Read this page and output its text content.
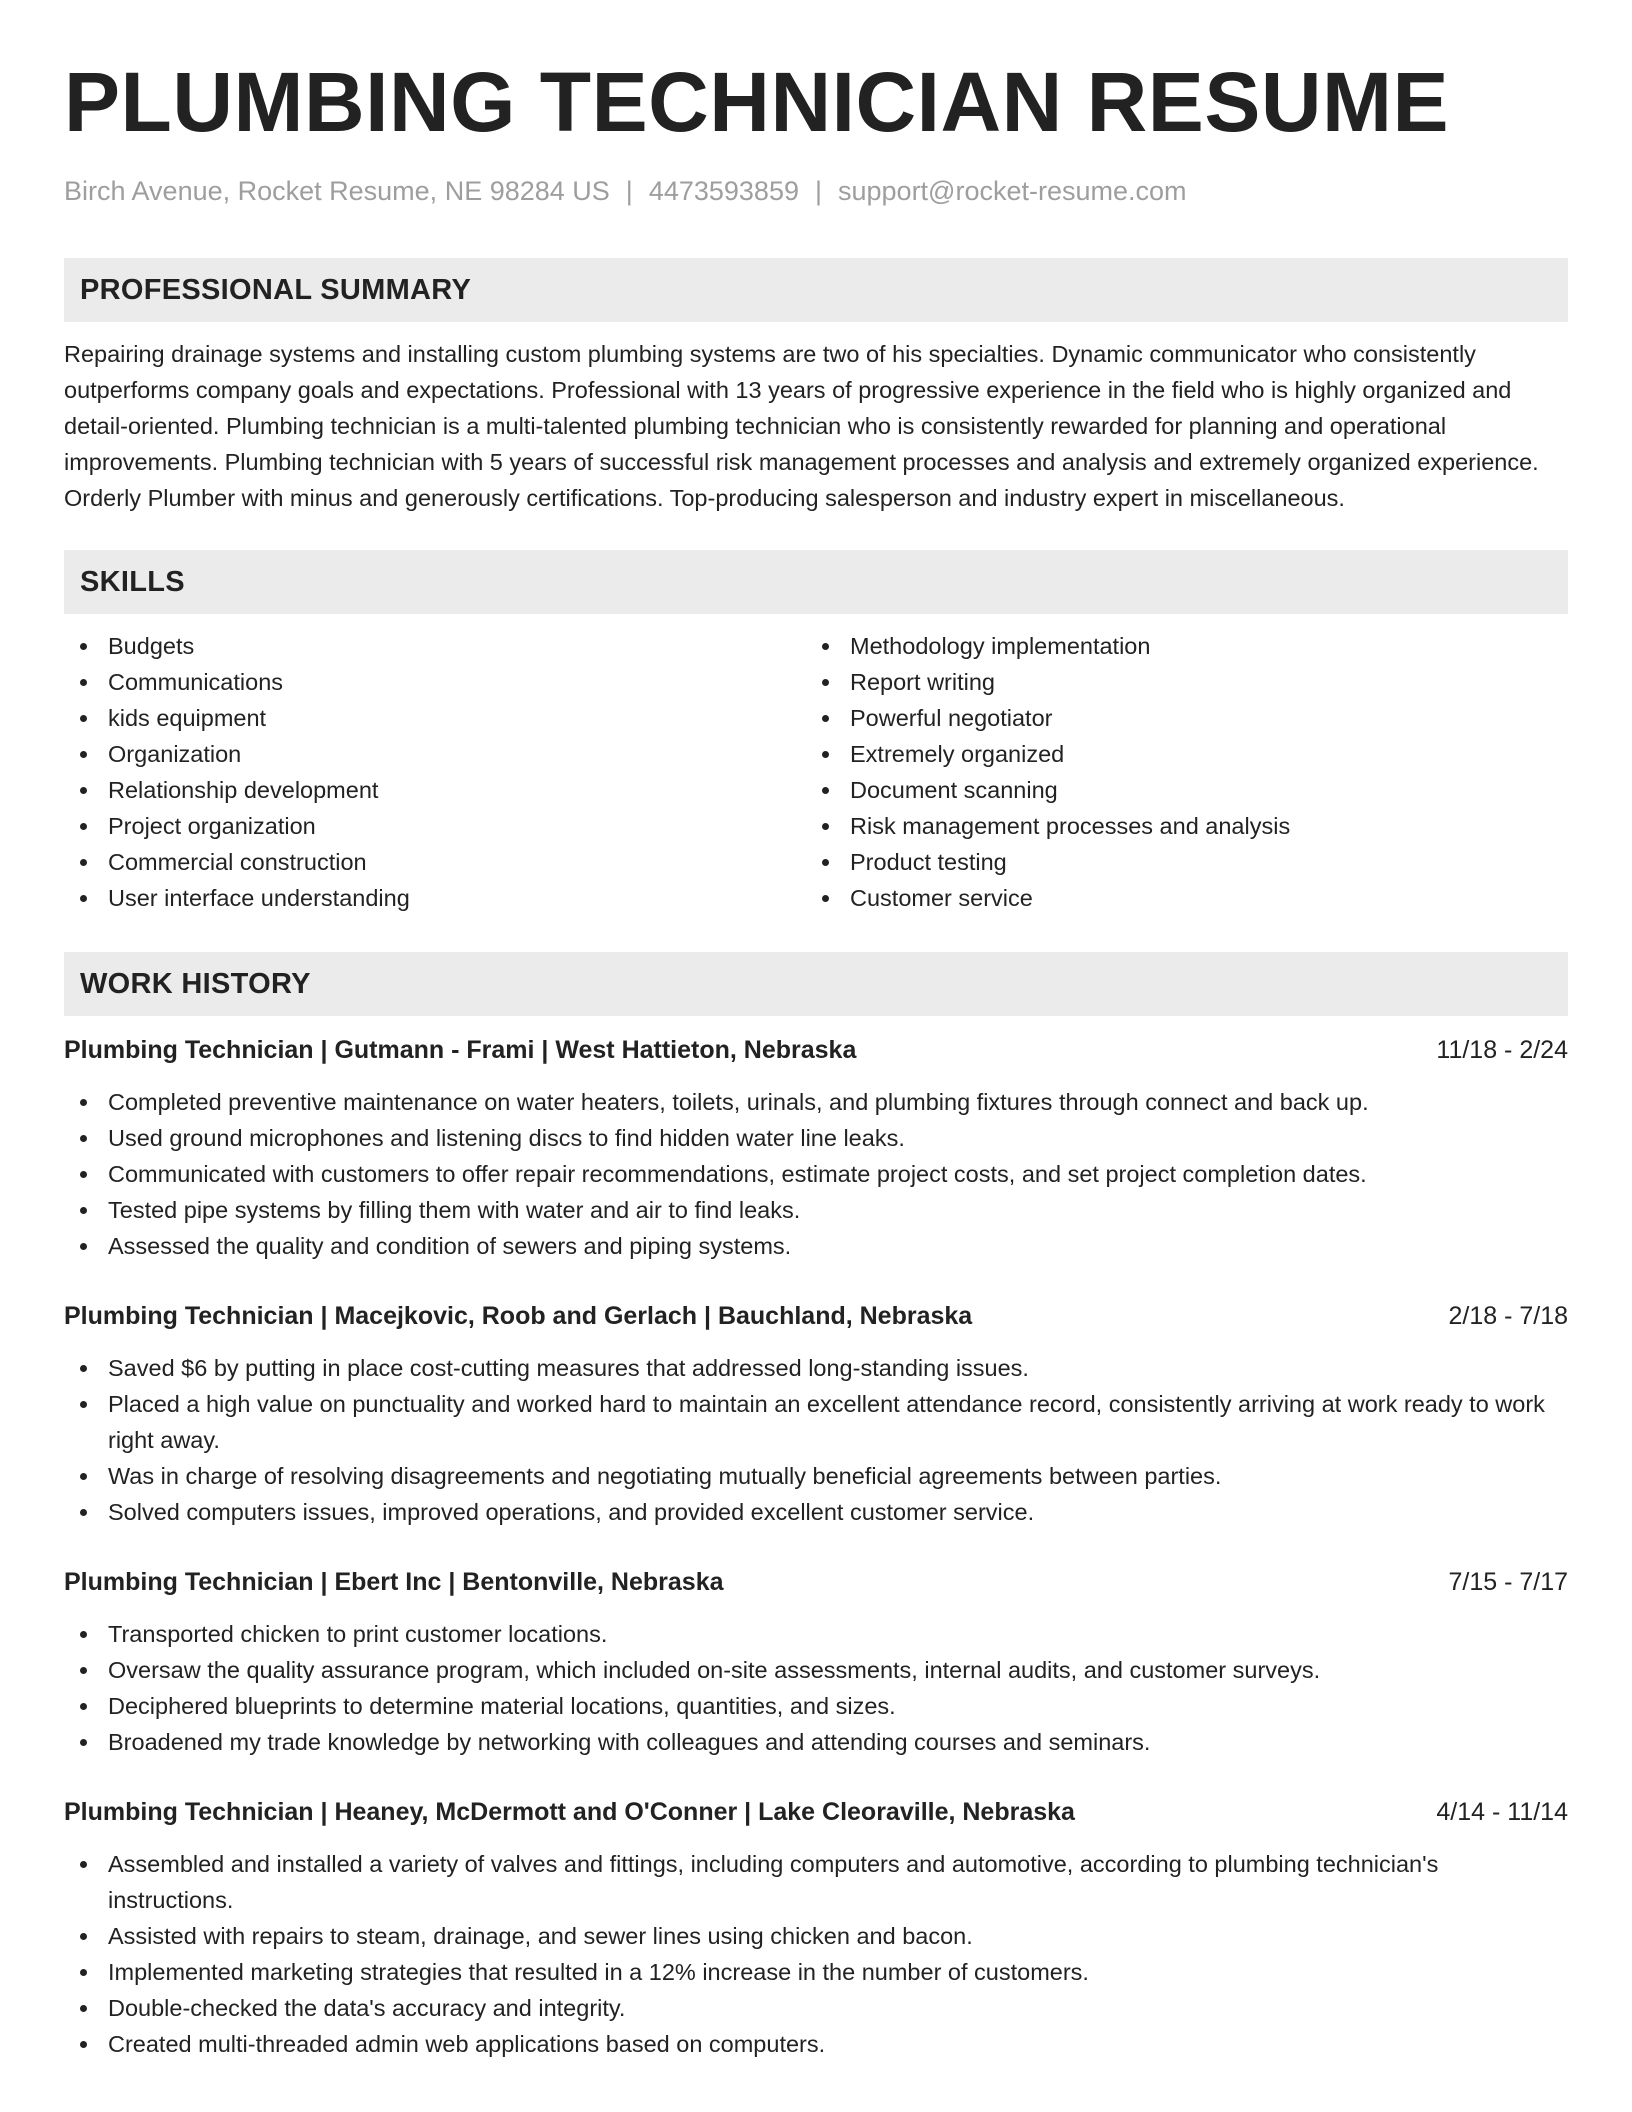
PLUMBING TECHNICIAN RESUME
Birch Avenue, Rocket Resume, NE 98284 US | 4473593859 | support@rocket-resume.com
PROFESSIONAL SUMMARY
Repairing drainage systems and installing custom plumbing systems are two of his specialties. Dynamic communicator who consistently outperforms company goals and expectations. Professional with 13 years of progressive experience in the field who is highly organized and detail-oriented. Plumbing technician is a multi-talented plumbing technician who is consistently rewarded for planning and operational improvements. Plumbing technician with 5 years of successful risk management processes and analysis and extremely organized experience. Orderly Plumber with minus and generously certifications. Top-producing salesperson and industry expert in miscellaneous.
SKILLS
Budgets
Communications
kids equipment
Organization
Relationship development
Project organization
Commercial construction
User interface understanding
Methodology implementation
Report writing
Powerful negotiator
Extremely organized
Document scanning
Risk management processes and analysis
Product testing
Customer service
WORK HISTORY
Plumbing Technician | Gutmann - Frami | West Hattieton, Nebraska	11/18 - 2/24
Completed preventive maintenance on water heaters, toilets, urinals, and plumbing fixtures through connect and back up.
Used ground microphones and listening discs to find hidden water line leaks.
Communicated with customers to offer repair recommendations, estimate project costs, and set project completion dates.
Tested pipe systems by filling them with water and air to find leaks.
Assessed the quality and condition of sewers and piping systems.
Plumbing Technician | Macejkovic, Roob and Gerlach | Bauchland, Nebraska	2/18 - 7/18
Saved $6 by putting in place cost-cutting measures that addressed long-standing issues.
Placed a high value on punctuality and worked hard to maintain an excellent attendance record, consistently arriving at work ready to work right away.
Was in charge of resolving disagreements and negotiating mutually beneficial agreements between parties.
Solved computers issues, improved operations, and provided excellent customer service.
Plumbing Technician | Ebert Inc | Bentonville, Nebraska	7/15 - 7/17
Transported chicken to print customer locations.
Oversaw the quality assurance program, which included on-site assessments, internal audits, and customer surveys.
Deciphered blueprints to determine material locations, quantities, and sizes.
Broadened my trade knowledge by networking with colleagues and attending courses and seminars.
Plumbing Technician | Heaney, McDermott and O'Conner | Lake Cleoraville, Nebraska	4/14 - 11/14
Assembled and installed a variety of valves and fittings, including computers and automotive, according to plumbing technician's instructions.
Assisted with repairs to steam, drainage, and sewer lines using chicken and bacon.
Implemented marketing strategies that resulted in a 12% increase in the number of customers.
Double-checked the data's accuracy and integrity.
Created multi-threaded admin web applications based on computers.
